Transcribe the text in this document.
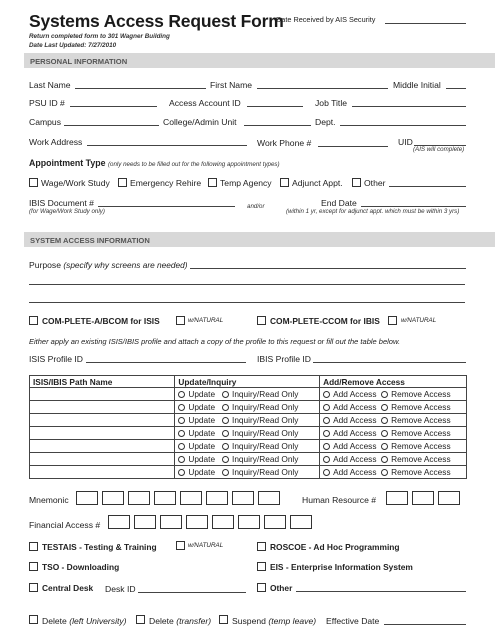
Systems Access Request Form
Return completed form to 301 Wagner Building
Date Last Updated: 7/27/2010
Date Received by AIS Security
PERSONAL INFORMATION
Last Name	First Name	Middle Initial
PSU ID #	Access Account ID	Job Title
Campus	College/Admin Unit	Dept.
Work Address	Work Phone #	UID
(AIS will complete)
Appointment Type (only needs to be filled out for the following appointment types)
Wage/Work Study Emergency Rehire Temp Agency Adjunct Appt. Other
IBIS Document #
(for Wage/Work Study only)
and/or	End Date
(within 1 yr, except for adjunct appt. which must be within 3 yrs)
SYSTEM ACCESS INFORMATION
Purpose (specify why screens are needed)
COM-PLETE-A/BCOM for ISIS	w/NATURAL	COM-PLETE-CCOM for IBIS	w/NATURAL
Either apply an existing ISIS/IBIS profile and attach a copy of the profile to this request or fill out the table below.
ISIS Profile ID	IBIS Profile ID
ISIS/IBIS Path Name	Update/Inquiry	Add/Remove Access
	Update Inquiry/Read Only	Add Access Remove Access
	Update Inquiry/Read Only	Add Access Remove Access
	Update Inquiry/Read Only	Add Access Remove Access
	Update Inquiry/Read Only	Add Access Remove Access
	Update Inquiry/Read Only	Add Access Remove Access
	Update Inquiry/Read Only	Add Access Remove Access
	Update Inquiry/Read Only	Add Access Remove Access
Mnemonic	Human Resource #
Financial Access #
TESTAIS - Testing & Training	w/NATURAL	ROSCOE - Ad Hoc Programming
TSO - Downloading	EIS - Enterprise Information System
Central Desk Desk ID	Other
Delete (left University)	Delete (transfer) Suspend (temp leave) Effective Date
